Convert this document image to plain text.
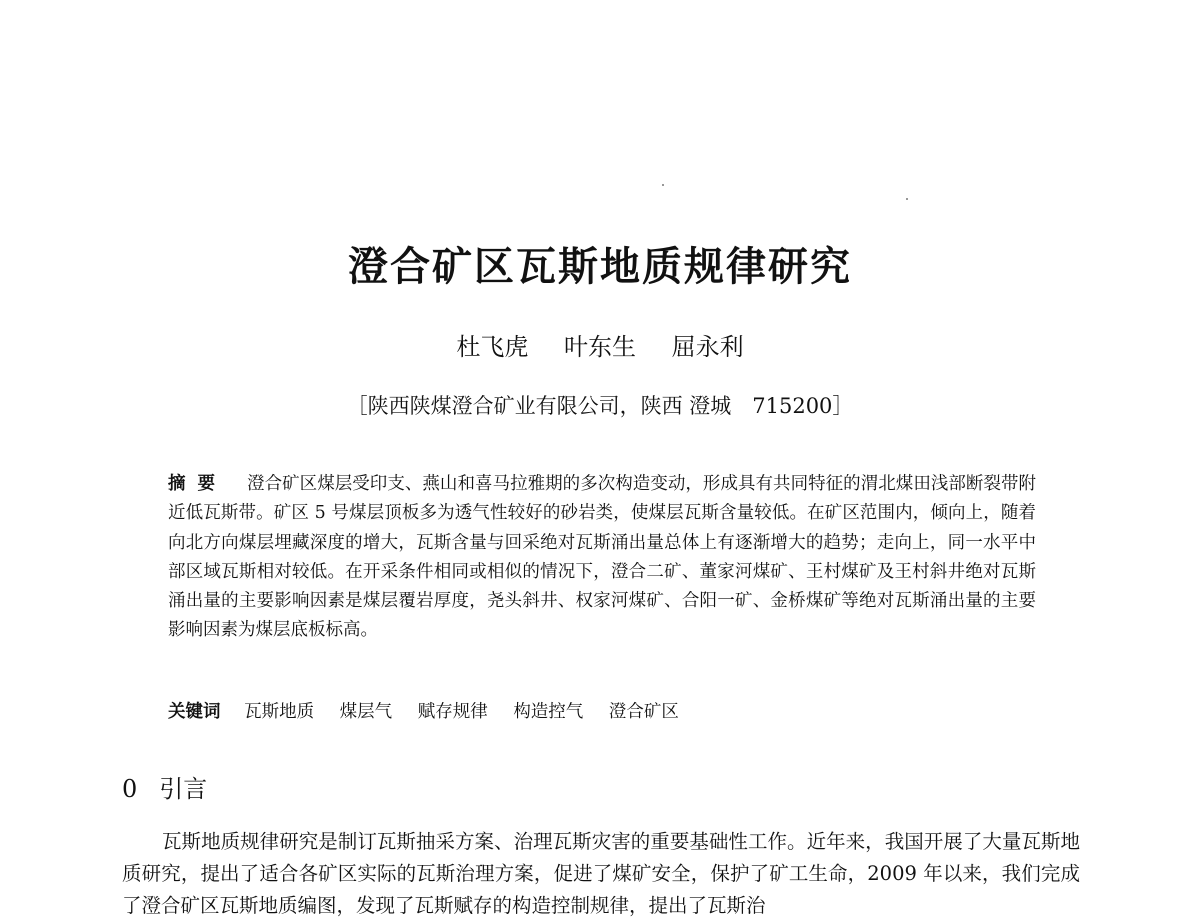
澄合矿区瓦斯地质规律研究
杜飞虎 叶东生 屈永利
［陕西陕煤澄合矿业有限公司，陕西 澄城　715200］
摘要 澄合矿区煤层受印支、燕山和喜马拉雅期的多次构造变动，形成具有共同特征的渭北煤田浅部断裂带附近低瓦斯带。矿区 5 号煤层顶板多为透气性较好的砂岩类，使煤层瓦斯含量较低。在矿区范围内，倾向上，随着向北方向煤层埋藏深度的增大，瓦斯含量与回采绝对瓦斯涌出量总体上有逐渐增大的趋势；走向上，同一水平中部区域瓦斯相对较低。在开采条件相同或相似的情况下，澄合二矿、董家河煤矿、王村煤矿及王村斜井绝对瓦斯涌出量的主要影响因素是煤层覆岩厚度，尧头斜井、权家河煤矿、合阳一矿、金桥煤矿等绝对瓦斯涌出量的主要影响因素为煤层底板标高。
关键词 瓦斯地质 煤层气 赋存规律 构造控气 澄合矿区
0 引言
瓦斯地质规律研究是制订瓦斯抽采方案、治理瓦斯灾害的重要基础性工作。近年来，我国开展了大量瓦斯地质研究，提出了适合各矿区实际的瓦斯治理方案，促进了煤矿安全，保护了矿工生命，2009 年以来，我们完成了澄合矿区瓦斯地质编图，发现了瓦斯赋存的构造控制规律，提出了瓦斯治
